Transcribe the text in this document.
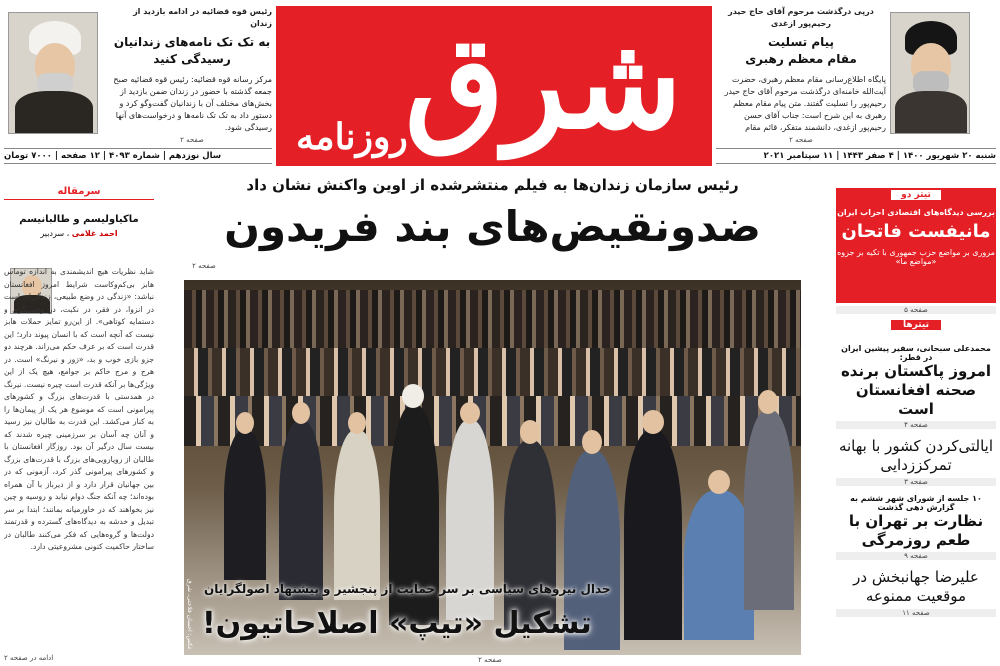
درپی درگذشت مرحوم آقای حاج حیدر رحیم‌پور ازغدی
پیام تسلیت
مقام معظم رهبری
پایگاه اطلاع‌رسانی مقام معظم رهبری، حضرت آیت‌الله خامنه‌ای درگذشت مرحوم آقای حاج حیدر رحیم‌پور را تسلیت گفتند. متن پیام مقام معظم رهبری به این شرح است: جناب آقای حسن رحیم‌پور ازغدی، دانشمند متفکر، قائم مقام
صفحه ۲
شرق
روزنامه
رئیس قوه قضائیه در ادامه بازدید از زندان
به تک تک نامه‌های زندانیان
رسیدگی کنید
مرکز رسانه قوه قضائیه: رئیس قوه قضائیه صبح جمعه گذشته با حضور در زندان ضمن بازدید از بخش‌های مختلف آن با زندانیان گفت‌وگو کرد و دستور داد به تک تک نامه‌ها و درخواست‌های آنها رسیدگی شود.
صفحه ۲
شنبه ۲۰ شهریور ۱۴۰۰ | ۴ صفر ۱۴۴۳ | ۱۱ سپتامبر ۲۰۲۱
سال نوزدهم | شماره ۴۰۹۳ | ۱۲ صفحه | ۷۰۰۰ تومان
رئیس سازمان زندان‌ها به فیلم منتشرشده از اوین واکنش نشان داد
ضدونقیض‌های بند فریدون
صفحه ۲
جدال نیروهای سیاسی بر سر حمایت از پنجشیر و پیشنهاد اصولگرایان
تشکیل «تیپ» اصلاحاتیون!
عکس: احسان فلاحتی، شرق
صفحه ۲
سرمقاله
ماکیاولیسم و طالبانیسم
احمد غلامی ، سردبیر
شاید نظریات هیچ اندیشمندی به اندازه توماس هابز بی‌کم‌وکاست شرایط امروز افغانستان نباشد: «زندگی در وضع طبیعی، زندگی‌ای است در انزوا، در فقر، در نکبت، در وحشیگری و دستمایه کوتاهی». از این‌رو تمایز حملات هابز نیست که آنچه است که با انسان پیوند دارد؛ این قدرت است که بر عرف حکم می‌راند. هرچند دو جزو بازی خوب و بد، «زور و نیرنگ» است. در هرج و مرج حاکم بر جوامع، هیچ یک از این ویژگی‌ها بر آنکه قدرت است چیره نیست. نیرنگ در همدستی با قدرت‌های بزرگ و کشورهای پیرامونی است که موضوع هر یک از پیمان‌ها را به کنار می‌کشد. این قدرت به طالبان نیز رسید و آنان چه آسان بر سرزمینی چیره شدند که بیست سال درگیر آن بود. روزگار افغانستان با طالبان از رویارویی‌های بزرگ با قدرت‌های بزرگ و کشورهای پیرامونی گذر کرد، آزمونی که در بین جهانیان قرار دارد و از دیرباز با آن همراه بوده‌اند؛ چه آنکه جنگ دوام نیابد و روسیه و چین نیز بخواهند که در خاورمیانه بمانند؛ ابتدا بر سر تبدیل و خدشه به دیدگاه‌های گسترده و قدرتمند دولت‌ها و گروه‌هایی که فکر می‌کنند طالبان در ساختار حاکمیت کنونی مشروعیتی دارد.
ادامه در صفحه ۲
تیتر دو
بررسی دیدگاه‌های اقتصادی احزاب ایران
مانیفست فاتحان
مروری بر مواضع حزب جمهوری با تکیه بر جزوه «مواضع ما»
صفحه ۵
تیترها
محمدعلی سبحانی، سفیر پیشین ایران در قطر:
امروز پاکستان برنده صحنه افغانستان است
صفحه ۴
ایالتی‌کردن کشور با بهانه تمرکززدایی
صفحه ۳
۱۰ جلسه از شورای شهر ششم به گزارش دهی گذشت
نظارت بر تهران با طعم روزمرگی
صفحه ۹
علیرضا جهانبخش در موقعیت ممنوعه
صفحه ۱۱
